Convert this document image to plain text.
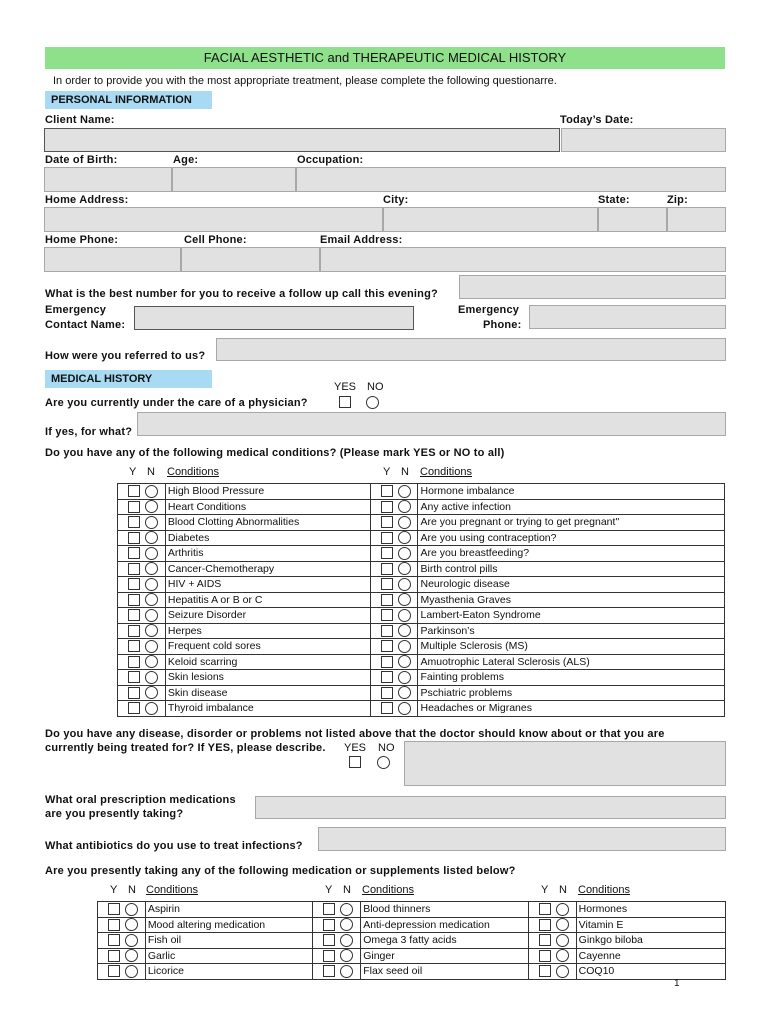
FACIAL AESTHETIC and THERAPEUTIC MEDICAL HISTORY
In order to provide you with the most appropriate treatment, please complete the following questionarre.
PERSONAL INFORMATION
Client Name:	Today’s Date:
Date of Birth:	Age:	Occupation:
Home Address:	City:	State:	Zip:
Home Phone:	Cell Phone:	Email Address:
What is the best number for you to receive a follow up call this evening?
Emergency
Contact Name:
Emergency
Phone:
How were you referred to us?
MEDICAL HISTORY
YES NO
Are you currently under the care of a physician?
If yes, for what?
Do you have any of the following medical conditions? (Please mark YES or NO to all)
Y N Conditions	Y N Conditions
	High Blood Pressure		Hormone imbalance
	Heart Conditions		Any active infection
	Blood Clotting Abnormalities		Are you pregnant or trying to get pregnant"
	Diabetes		Are you using contraception?
	Arthritis		Are you breastfeeding?
	Cancer-Chemotherapy		Birth control pills
	HIV + AIDS		Neurologic disease
	Hepatitis A or B or C		Myasthenia Graves
	Seizure Disorder		Lambert-Eaton Syndrome
	Herpes		Parkinson’s
	Frequent cold sores		Multiple Sclerosis (MS)
	Keloid scarring		Amuotrophic Lateral Sclerosis (ALS)
	Skin lesions		Fainting problems
	Skin disease		Pschiatric problems
	Thyroid imbalance		Headaches or Migranes
Do you have any disease, disorder or problems not listed above that the doctor should know about or that you are
currently being treated for? If YES, please describe. YES NO
What oral prescription medications
are you presently taking?
What antibiotics do you use to treat infections?
Are you presently taking any of the following medication or supplements listed below?
Y N Conditions	Y N Conditions	Y N Conditions
	Aspirin		Blood thinners		Hormones
	Mood altering medication		Anti-depression medication		Vitamin E
	Fish oil		Omega 3 fatty acids		Ginkgo biloba
	Garlic		Ginger		Cayenne
	Licorice		Flax seed oil		COQ10
1
